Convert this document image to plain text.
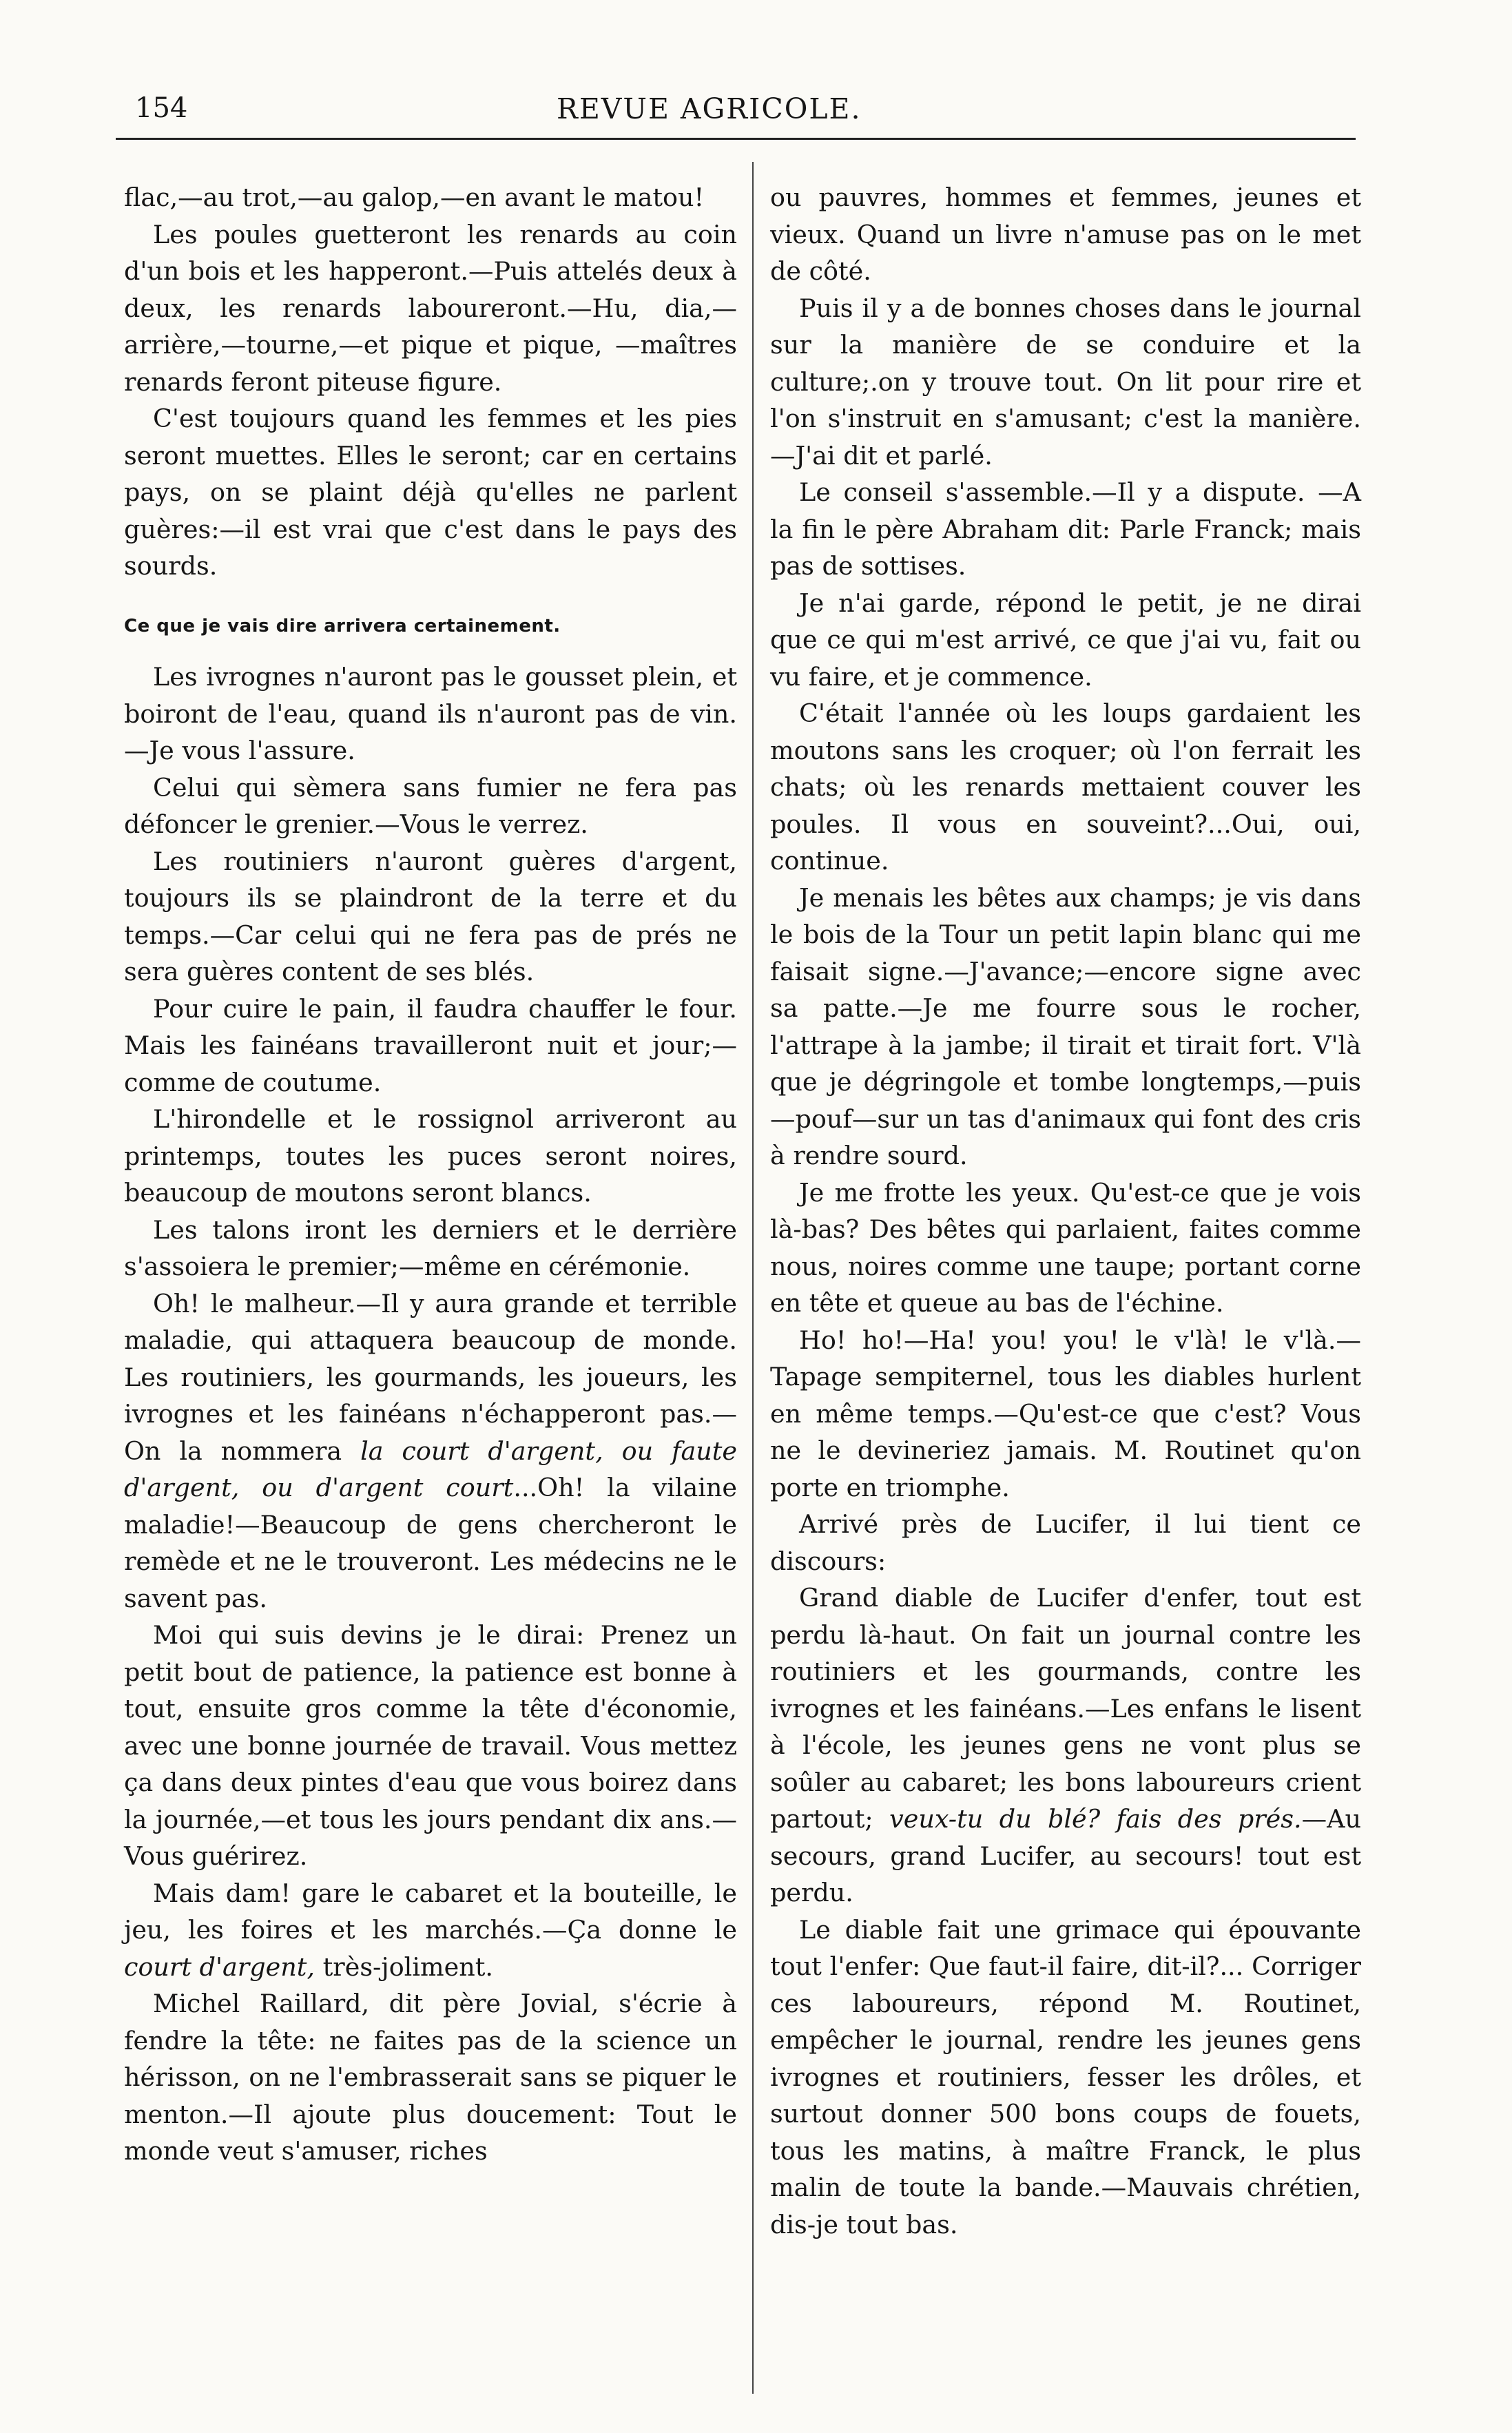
154	REVUE AGRICOLE.

flac,—au trot,—au galop,—en avant le matou!

Les poules guetteront les renards au coin d'un bois et les happeront.—Puis attelés deux à deux, les renards laboureront.—Hu, dia,—arrière,—tourne,—et pique et pique, —maîtres renards feront piteuse figure.

C'est toujours quand les femmes et les pies seront muettes. Elles le seront; car en certains pays, on se plaint déjà qu'elles ne parlent guères:—il est vrai que c'est dans le pays des sourds.

Ce que je vais dire arrivera certainement.

Les ivrognes n'auront pas le gousset plein, et boiront de l'eau, quand ils n'auront pas de vin.—Je vous l'assure.

Celui qui sèmera sans fumier ne fera pas défoncer le grenier.—Vous le verrez.

Les routiniers n'auront guères d'argent, toujours ils se plaindront de la terre et du temps.—Car celui qui ne fera pas de prés ne sera guères content de ses blés.

Pour cuire le pain, il faudra chauffer le four. Mais les fainéans travailleront nuit et jour;—comme de coutume.

L'hirondelle et le rossignol arriveront au printemps, toutes les puces seront noires, beaucoup de moutons seront blancs.

Les talons iront les derniers et le derrière s'assoiera le premier;—même en cérémonie.

Oh! le malheur.—Il y aura grande et terrible maladie, qui attaquera beaucoup de monde. Les routiniers, les gourmands, les joueurs, les ivrognes et les fainéans n'échapperont pas.—On la nommera la court d'argent, ou faute d'argent, ou d'argent court...Oh! la vilaine maladie!—Beaucoup de gens chercheront le remède et ne le trouveront. Les médecins ne le savent pas.

Moi qui suis devins je le dirai: Prenez un petit bout de patience, la patience est bonne à tout, ensuite gros comme la tête d'économie, avec une bonne journée de travail. Vous mettez ça dans deux pintes d'eau que vous boirez dans la journée,—et tous les jours pendant dix ans.—Vous guérirez.

Mais dam! gare le cabaret et la bouteille, le jeu, les foires et les marchés.—Ça donne le court d'argent, très-joliment.

Michel Raillard, dit père Jovial, s'écrie à fendre la tête: ne faites pas de la science un hérisson, on ne l'embrasserait sans se piquer le menton.—Il ajoute plus doucement: Tout le monde veut s'amuser, riches

ou pauvres, hommes et femmes, jeunes et vieux. Quand un livre n'amuse pas on le met de côté.

Puis il y a de bonnes choses dans le journal sur la manière de se conduire et la culture;.on y trouve tout. On lit pour rire et l'on s'instruit en s'amusant; c'est la manière.—J'ai dit et parlé.

Le conseil s'assemble.—Il y a dispute. —A la fin le père Abraham dit: Parle Franck; mais pas de sottises.

Je n'ai garde, répond le petit, je ne dirai que ce qui m'est arrivé, ce que j'ai vu, fait ou vu faire, et je commence.

C'était l'année où les loups gardaient les moutons sans les croquer; où l'on ferrait les chats; où les renards mettaient couver les poules. Il vous en souveint?...Oui, oui, continue.

Je menais les bêtes aux champs; je vis dans le bois de la Tour un petit lapin blanc qui me faisait signe.—J'avance;—encore signe avec sa patte.—Je me fourre sous le rocher, l'attrape à la jambe; il tirait et tirait fort. V'là que je dégringole et tombe longtemps,—puis—pouf—sur un tas d'animaux qui font des cris à rendre sourd.

Je me frotte les yeux. Qu'est-ce que je vois là-bas? Des bêtes qui parlaient, faites comme nous, noires comme une taupe; portant corne en tête et queue au bas de l'échine.

Ho! ho!—Ha! you! you! le v'là! le v'là.—Tapage sempiternel, tous les diables hurlent en même temps.—Qu'est-ce que c'est? Vous ne le devineriez jamais. M. Routinet qu'on porte en triomphe.

Arrivé près de Lucifer, il lui tient ce discours:

Grand diable de Lucifer d'enfer, tout est perdu là-haut. On fait un journal contre les routiniers et les gourmands, contre les ivrognes et les fainéans.—Les enfans le lisent à l'école, les jeunes gens ne vont plus se soûler au cabaret; les bons laboureurs crient partout; veux-tu du blé? fais des prés.—Au secours, grand Lucifer, au secours! tout est perdu.

Le diable fait une grimace qui épouvante tout l'enfer: Que faut-il faire, dit-il?... Corriger ces laboureurs, répond M. Routinet, empêcher le journal, rendre les jeunes gens ivrognes et routiniers, fesser les drôles, et surtout donner 500 bons coups de fouets, tous les matins, à maître Franck, le plus malin de toute la bande.—Mauvais chrétien, dis-je tout bas.
